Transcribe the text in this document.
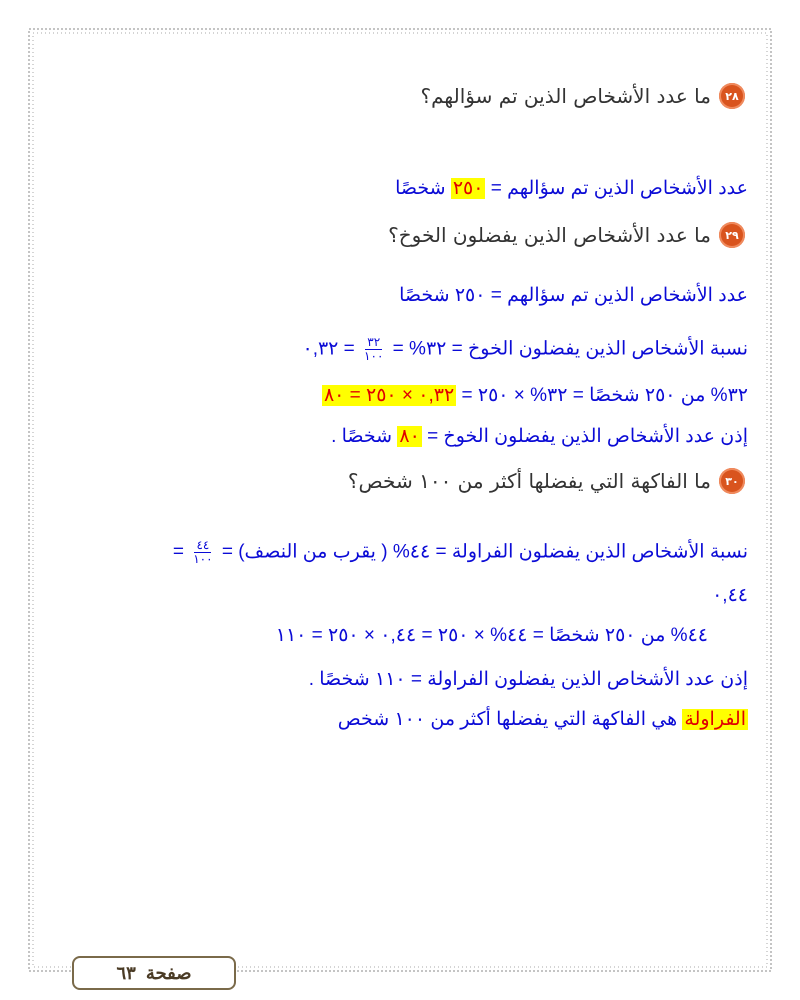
٢٨
ما عدد الأشخاص الذين تم سؤالهم؟
عدد الأشخاص الذين تم سؤالهم = ٢٥٠ شخصًا
٢٩
ما عدد الأشخاص الذين يفضلون الخوخ؟
عدد الأشخاص الذين تم سؤالهم = ٢٥٠ شخصًا
نسبة الأشخاص الذين يفضلون الخوخ = ٣٢% =
$\frac{٣٢}{١٠٠}$
= ٠,٣٢
٣٢% من ٢٥٠ شخصًا = ٣٢% × ٢٥٠ = ٠,٣٢ × ٢٥٠ = ٨٠
إذن عدد الأشخاص الذين يفضلون الخوخ = ٨٠ شخصًا .
٣٠
ما الفاكهة التي يفضلها أكثر من ١٠٠ شخص؟
نسبة الأشخاص الذين يفضلون الفراولة = ٤٤% ( يقرب من النصف) =
$\frac{٤٤}{١٠٠}$
=
٠,٤٤
٤٤% من ٢٥٠ شخصًا = ٤٤% × ٢٥٠ = ٠,٤٤ × ٢٥٠ = ١١٠
إذن عدد الأشخاص الذين يفضلون الفراولة = ١١٠ شخصًا .
الفراولة هي الفاكهة التي يفضلها أكثر من ١٠٠ شخص
صفحة
٦٣
